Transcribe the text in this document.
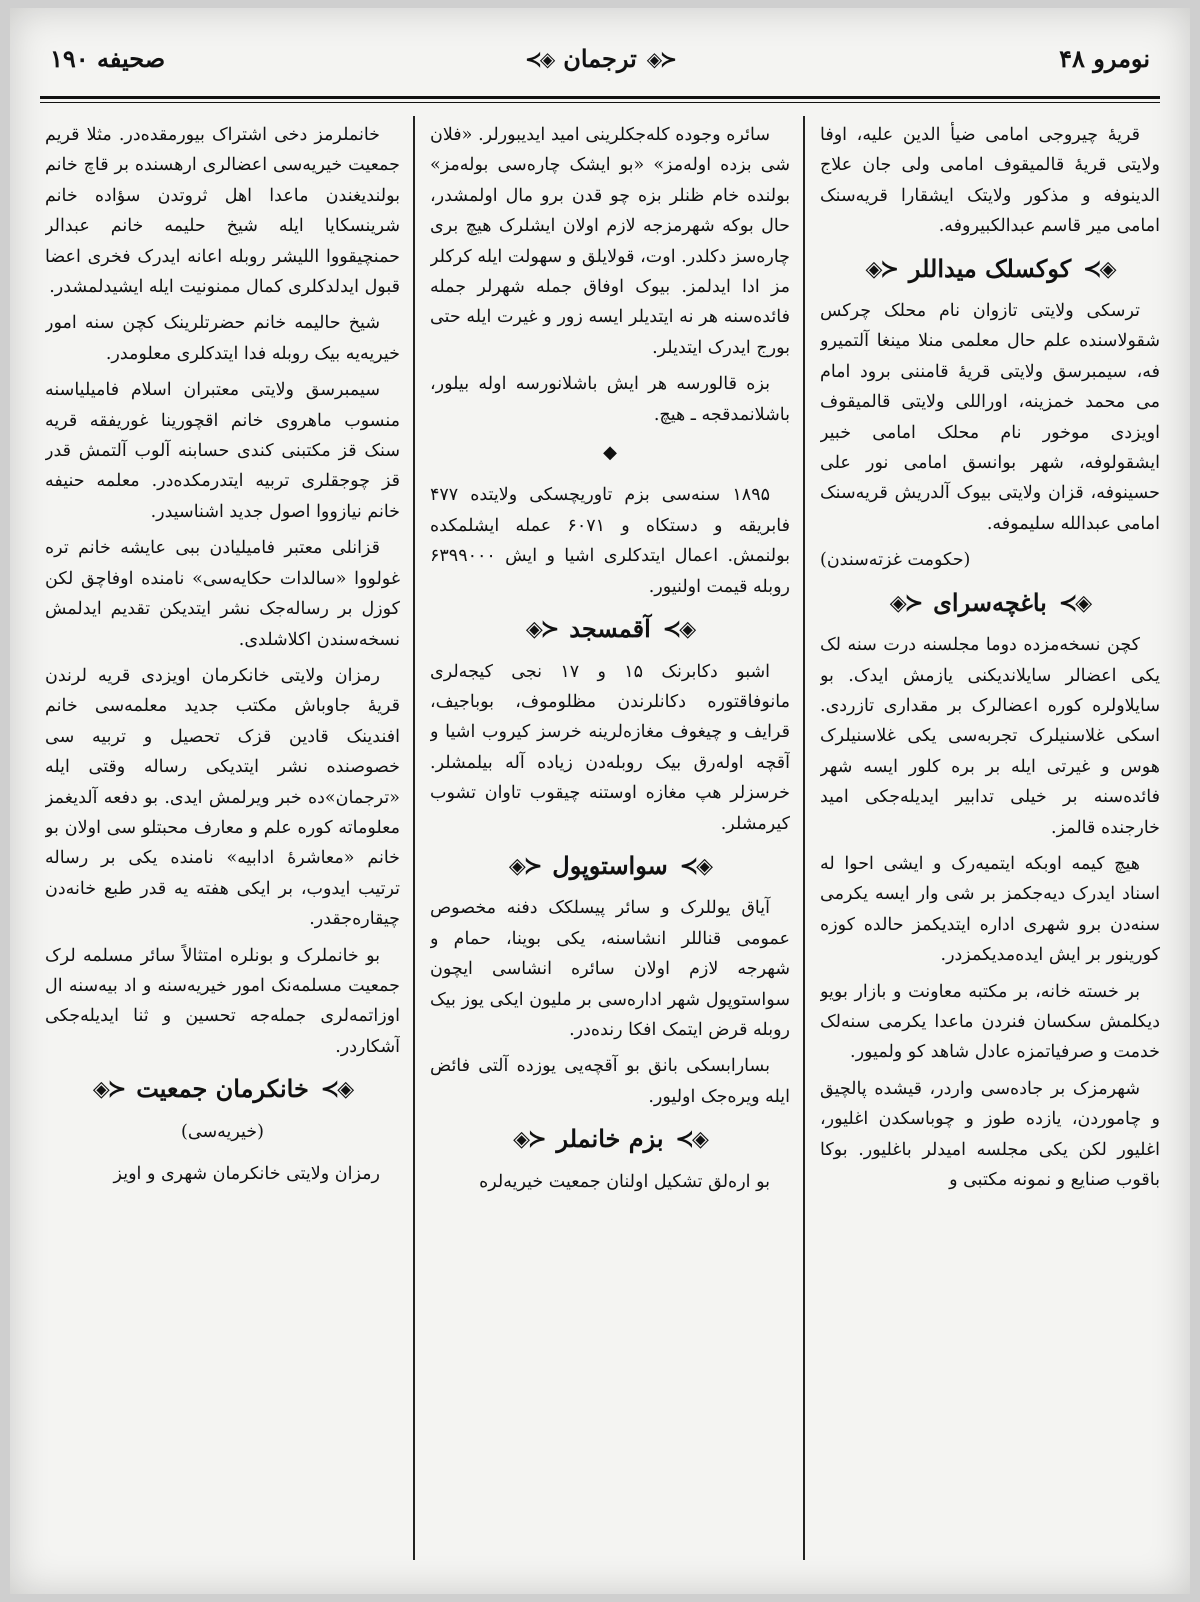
نومرو ۴۸
≺◈
ترجمان
◈≻
صحیفه ۱۹۰

قریهٔ چیروجی امامی ضیأ الدین علیه، اوفا ولایتی قریهٔ قالمیقوف امامی ولی جان علاج الدینوفه و مذکور ولایتک ایشقارا قریه‌سنک امامی میر قاسم عبدالکبیروفه.

◈≻
کوکسلک میداللر
≺◈

ترسکی ولایتی تازوان نام محلک چرکس شقولاسنده علم حال معلمی منلا مینغا آلتمیرو فه، سیمبرسق ولایتی قریهٔ قامننی برود امام می محمد خمزینه، اوراللی ولایتی قالمیقوف اویزدی موخور نام محلک امامی خبیر ایشقولوفه، شهر بوانسق امامی نور علی حسینوفه، قزان ولایتی بیوک آلدریش قریه‌سنک امامی عبدالله سلیموفه.

(حکومت غزته‌سندن)

◈≻
باغچه‌سرای
≺◈

کچن نسخه‌مزده دوما مجلسنه درت سنه لک یکی اعضالر سایلاندیکنی یازمش ایدک. بو سایلاولره کوره اعضالرک بر مقداری تازردی. اسکی غلاسنیلرک تجربه‌سی یکی غلاسنیلرک هوس و غیرتی ایله بر بره کلور ایسه شهر فائده‌سنه بر خیلی تدابیر ایدیله‌جکی امید خارجنده قالمز.

هیچ کیمه اوبکه ایتمیه‌رک و ایشی احوا له اسناد ایدرک دیه‌جکمز بر شی وار ایسه یکرمی سنه‌دن برو شهری اداره ایتدیکمز حالده کوزه کورینور بر ایش ایده‌مدیکمزدر.

بر خسته خانه، بر مکتبه معاونت و بازار بویو دیکلمش سکسان فنردن ماعدا یکرمی سنه‌لک خدمت و صرفیاتمزه عادل شاهد کو ولمیور.

شهرمزک بر جاده‌سی واردر، قیشده پالچیق و چاموردن، یازده طوز و چوباسکدن اغلیور، اغلیور لکن یکی مجلسه امیدلر باغلیور. بوکا باقوب صنایع و نمونه مکتبی و

سائره وجوده کله‌جکلرینی امید ایدیبورلر. «فلان شی بزده اوله‌مز» «بو ایشک چاره‌سی بوله‌مز» بولنده خام ظنلر بزه چو قدن برو مال اولمشدر، حال بوکه شهرمزجه لازم اولان ایشلرک هیچ بری چاره‌سز دکلدر. اوت، قولایلق و سهولت ایله کرکلر مز ادا ایدلمز. بیوک اوفاق جمله شهرلر جمله فائده‌سنه هر نه ایتدیلر ایسه زور و غیرت ایله حتی بورج ایدرک ایتدیلر.

بزه قالورسه هر ایش باشلانورسه اوله بیلور، باشلانمدقجه ـ هیچ.

◆

۱۸۹۵ سنه‌سی بزم تاوریچسکی ولایتده ۴۷۷ فابریقه و دستکاه و ۶۰۷۱ عمله ایشلمکده بولنمش. اعمال ایتدکلری اشیا و ایش ۶۳۹۹۰۰۰ روبله قیمت اولنیور.

◈≻
آقمسجد
≺◈

اشبو دکابرنک ۱۵ و ۱۷ نجی کیجه‌لری مانوفاقتوره دکانلرندن مظلوموف، بوباجیف، قرایف و چیغوف مغازه‌لرینه خرسز کیروب اشیا و آقچه اوله‌رق بیک روبله‌دن زیاده آله بیلمشلر. خرسزلر هپ مغازه اوستنه چیقوب تاوان تشوب کیرمشلر.

◈≻
سواستوپول
≺◈

آیاق یوللرک و سائر پیسلکک دفنه مخصوص عمومی قناللر انشاسنه، یکی بوینا، حمام و شهرجه لازم اولان سائره انشاسی ایچون سواستوپول شهر اداره‌سی بر ملیون ایکی یوز بیک روبله قرض ایتمک افکا رنده‌در.

بسارابسکی بانق بو آقچه‌یی یوزده آلتی فائض ایله ویره‌جک اولیور.

◈≻
بزم خانملر
≺◈

بو اره‌لق تشکیل اولنان جمعیت خیریه‌لره

خانملرمز دخی اشتراک بیورمقده‌در. مثلا قریم جمعیت خیریه‌سی اعضالری ارهسنده بر قاچ خانم بولندیغندن ماعدا اهل ثروتدن سؤاده خانم شرینسکایا ایله شیخ حلیمه خانم عبدالر حمنچیقووا اللیشر روبله اعانه ایدرک فخری اعضا قبول ایدلدکلری کمال ممنونیت ایله ایشیدلمشدر.

شیخ حالیمه خانم حضرتلرینک کچن سنه امور خیریه‌یه بیک روبله فدا ایتدکلری معلومدر.

سیمبرسق ولایتی معتبران اسلام فامیلیاسنه منسوب ماهروی خانم اقچورینا غوریفقه قریه سنک قز مکتبنی کندی حسابنه آلوب آلتمش قدر قز چوجقلری تربیه ایتدرمکده‌در. معلمه حنیفه خانم نیازووا اصول جدید اشناسیدر.

قزانلی معتبر فامیلیادن ببی عایشه خانم تره غولووا «سالدات حکایه‌سی» نامنده اوفاچق لکن کوزل بر رساله‌جک نشر ایتدیکن تقدیم ایدلمش نسخه‌سندن اکلاشلدی.

رمزان ولایتی خانکرمان اویزدی قریه لرندن قریهٔ جاوباش مکتب جدید معلمه‌سی خانم افندینک قادین قزک تحصیل و تربیه سی خصوصنده نشر ایتدیکی رساله وقتی ایله «ترجمان»ده خبر ویرلمش ایدی. بو دفعه آلدیغمز معلوماته کوره علم و معارف محبتلو سی اولان بو خانم «معاشرهٔ ادابیه» نامنده یکی بر رساله ترتیب ایدوب، بر ایکی هفته یه قدر طبع خانه‌دن چیقاره‌جقدر.

بو خانملرک و بونلره امتثالاً سائر مسلمه لرک جمعیت مسلمه‌نک امور خیریه‌سنه و اد بیه‌سنه ال اوزاتمه‌لری جمله‌جه تحسین و ثنا ایدیله‌جکی آشکاردر.

◈≻
خانکرمان جمعیت
≺◈

(خیریه‌سی)

رمزان ولایتی خانکرمان شهری و اویز
